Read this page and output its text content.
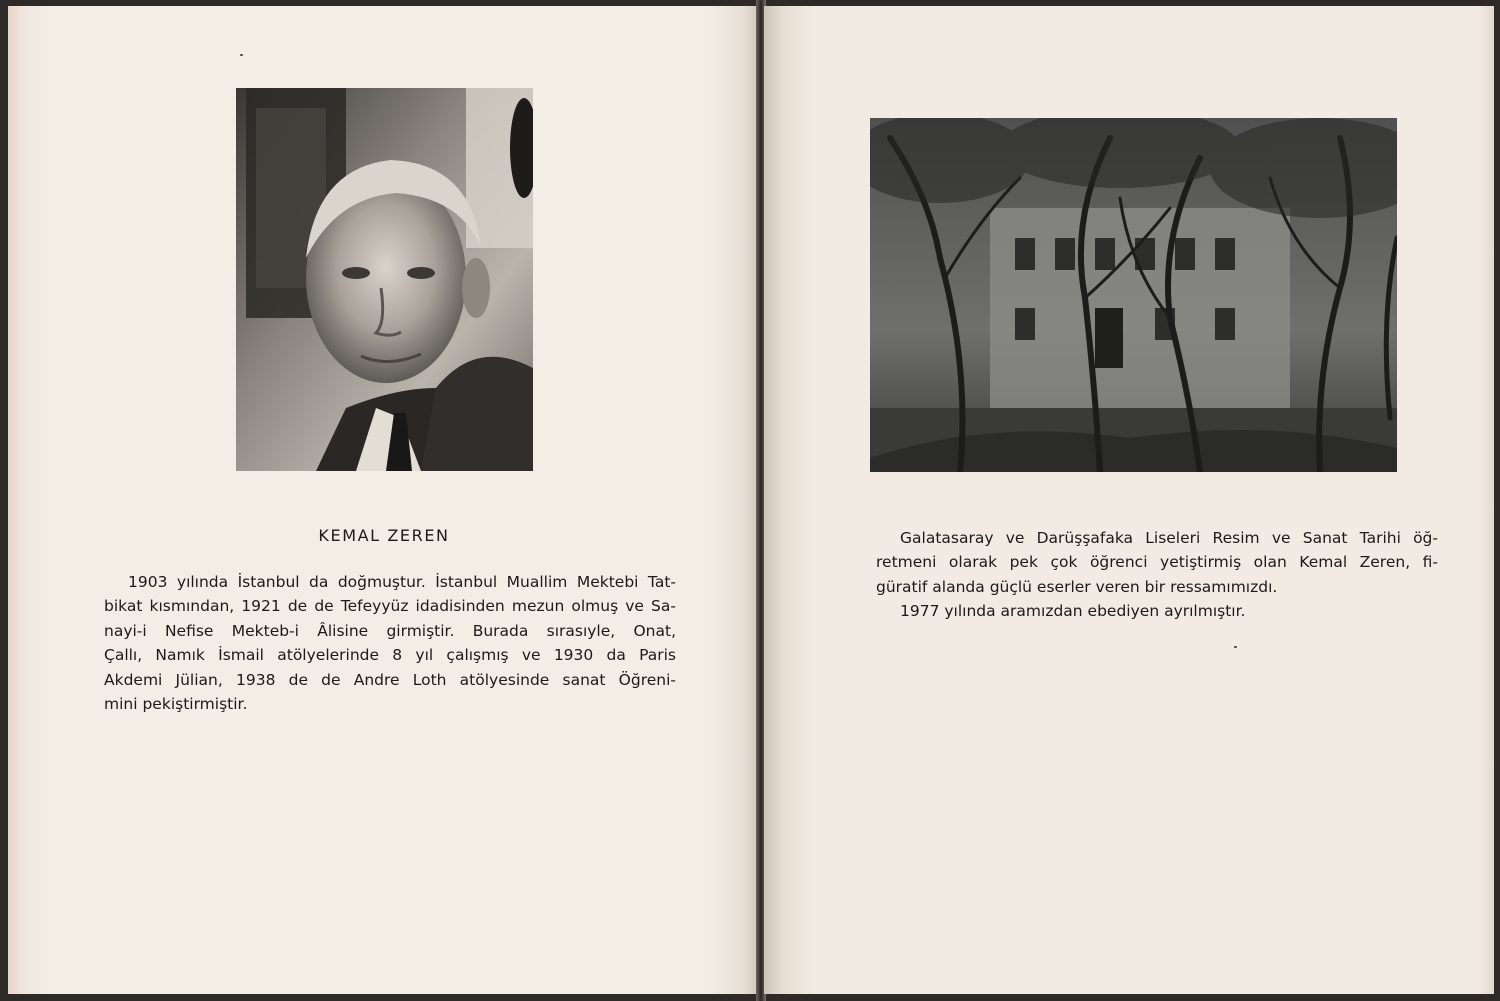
KEMAL ZEREN
1903 yılında İstanbul da doğmuştur. İstanbul Muallim Mektebi Tat-
bikat kısmından, 1921 de de Tefeyyüz idadisinden mezun olmuş ve Sa-
nayi-i Nefise Mekteb-i Âlisine girmiştir. Burada sırasıyle, Onat,
Çallı, Namık İsmail atölyelerinde 8 yıl çalışmış ve 1930 da Paris
Akdemi Jülian, 1938 de de Andre Loth atölyesinde sanat Öğreni-
mini pekiştirmiştir.
Galatasaray ve Darüşşafaka Liseleri Resim ve Sanat Tarihi öğ-
retmeni olarak pek çok öğrenci yetiştirmiş olan Kemal Zeren, fi-
güratif alanda güçlü eserler veren bir ressamımızdı.
1977 yılında aramızdan ebediyen ayrılmıştır.
